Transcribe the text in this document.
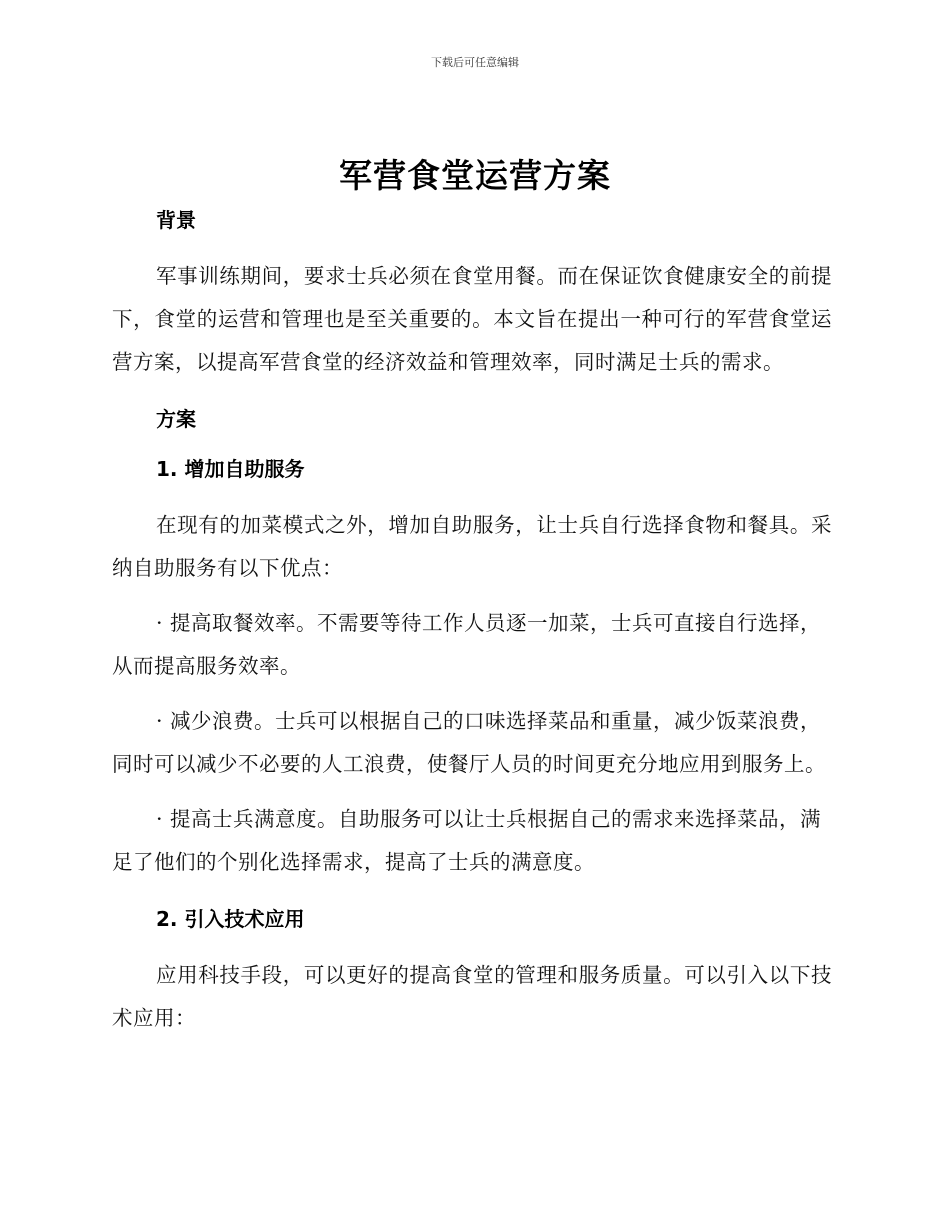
下载后可任意编辑
军营食堂运营方案
背景

军事训练期间，要求士兵必须在食堂用餐。而在保证饮食健康安全的前提下，食堂的运营和管理也是至关重要的。本文旨在提出一种可行的军营食堂运营方案，以提高军营食堂的经济效益和管理效率，同时满足士兵的需求。

方案
1. 增加自助服务

在现有的加菜模式之外，增加自助服务，让士兵自行选择食物和餐具。采纳自助服务有以下优点：

· 提高取餐效率。不需要等待工作人员逐一加菜，士兵可直接自行选择，从而提高服务效率。

· 减少浪费。士兵可以根据自己的口味选择菜品和重量，减少饭菜浪费，同时可以减少不必要的人工浪费，使餐厅人员的时间更充分地应用到服务上。

· 提高士兵满意度。自助服务可以让士兵根据自己的需求来选择菜品，满足了他们的个别化选择需求，提高了士兵的满意度。

2. 引入技术应用

应用科技手段，可以更好的提高食堂的管理和服务质量。可以引入以下技术应用：
